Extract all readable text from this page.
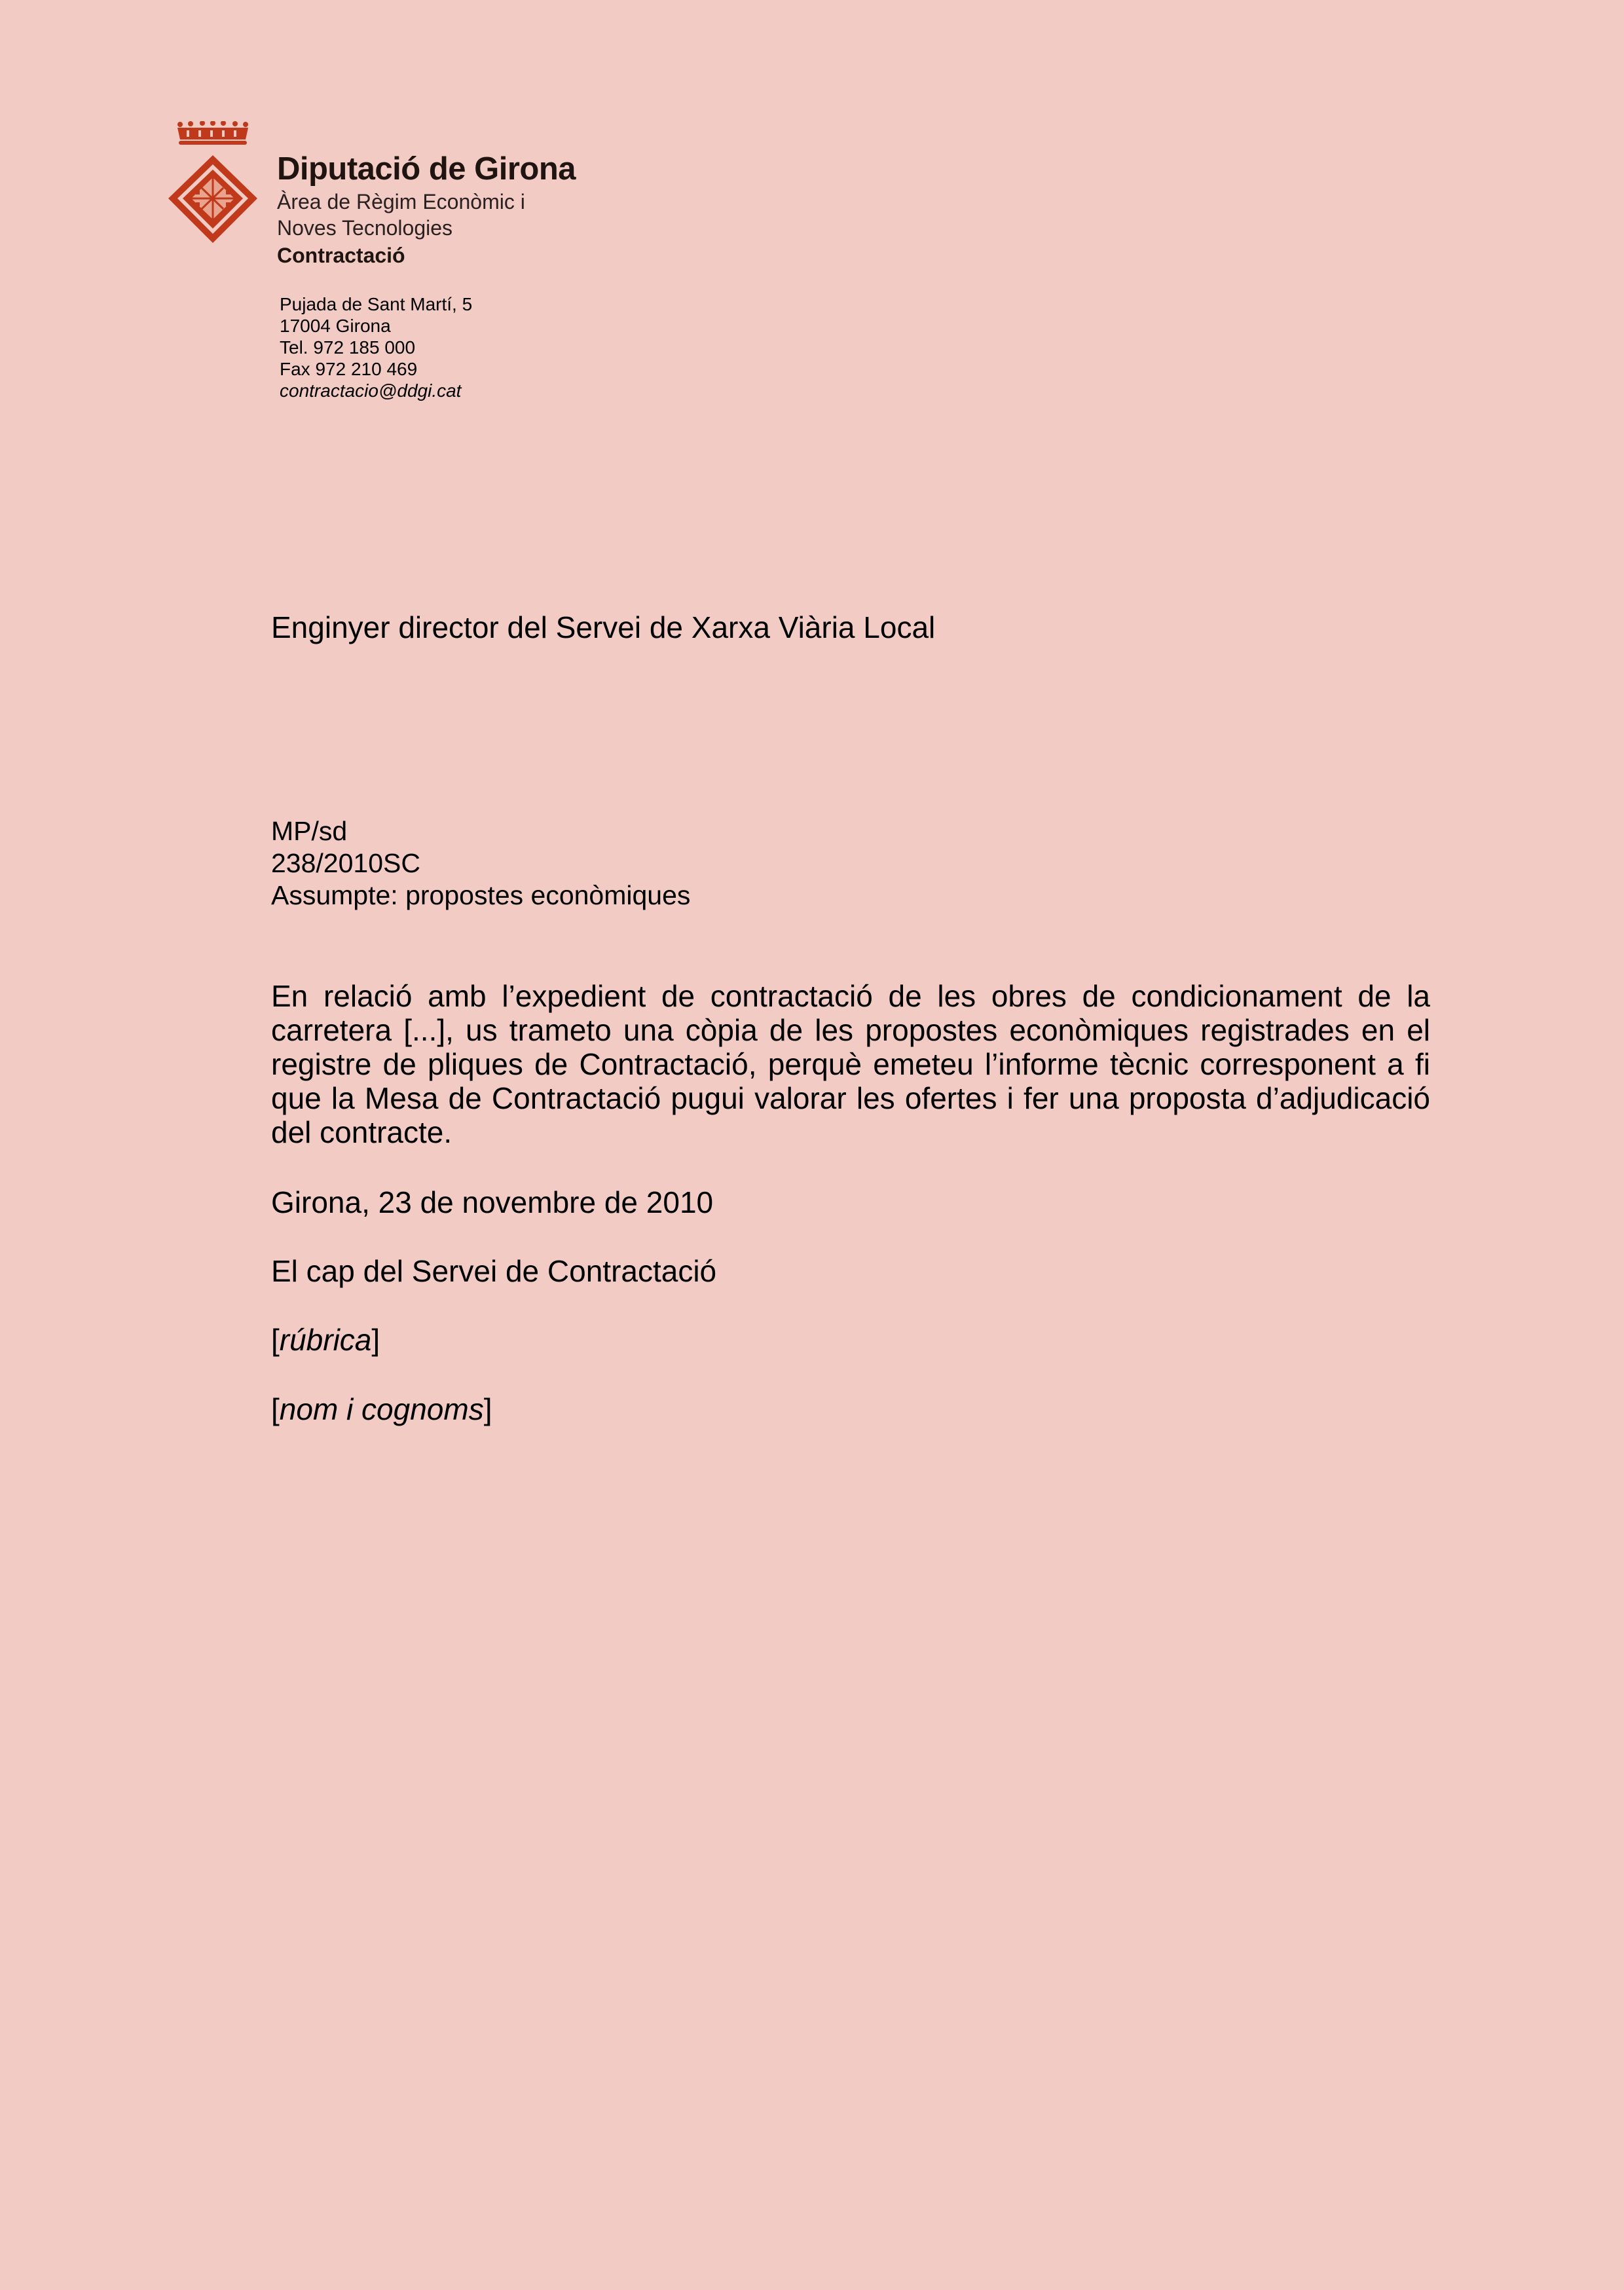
Diputació de Girona
Àrea de Règim Econòmic i
Noves Tecnologies
Contractació
Pujada de Sant Martí, 5
17004 Girona
Tel. 972 185 000
Fax 972 210 469
contractacio@ddgi.cat
Enginyer director del Servei de Xarxa Viària Local
MP/sd
238/2010SC
Assumpte: propostes econòmiques
En relació amb l’expedient de contractació de les obres de condicionament de la carretera [...], us trameto una còpia de les propostes econòmiques registrades en el registre de pliques de Contractació, perquè emeteu l’informe tècnic corresponent a fi que la Mesa de Contractació pugui valorar les ofertes i fer una proposta d’adjudicació del contracte.
Girona, 23 de novembre de 2010
El cap del Servei de Contractació
[rúbrica]
[nom i cognoms]
